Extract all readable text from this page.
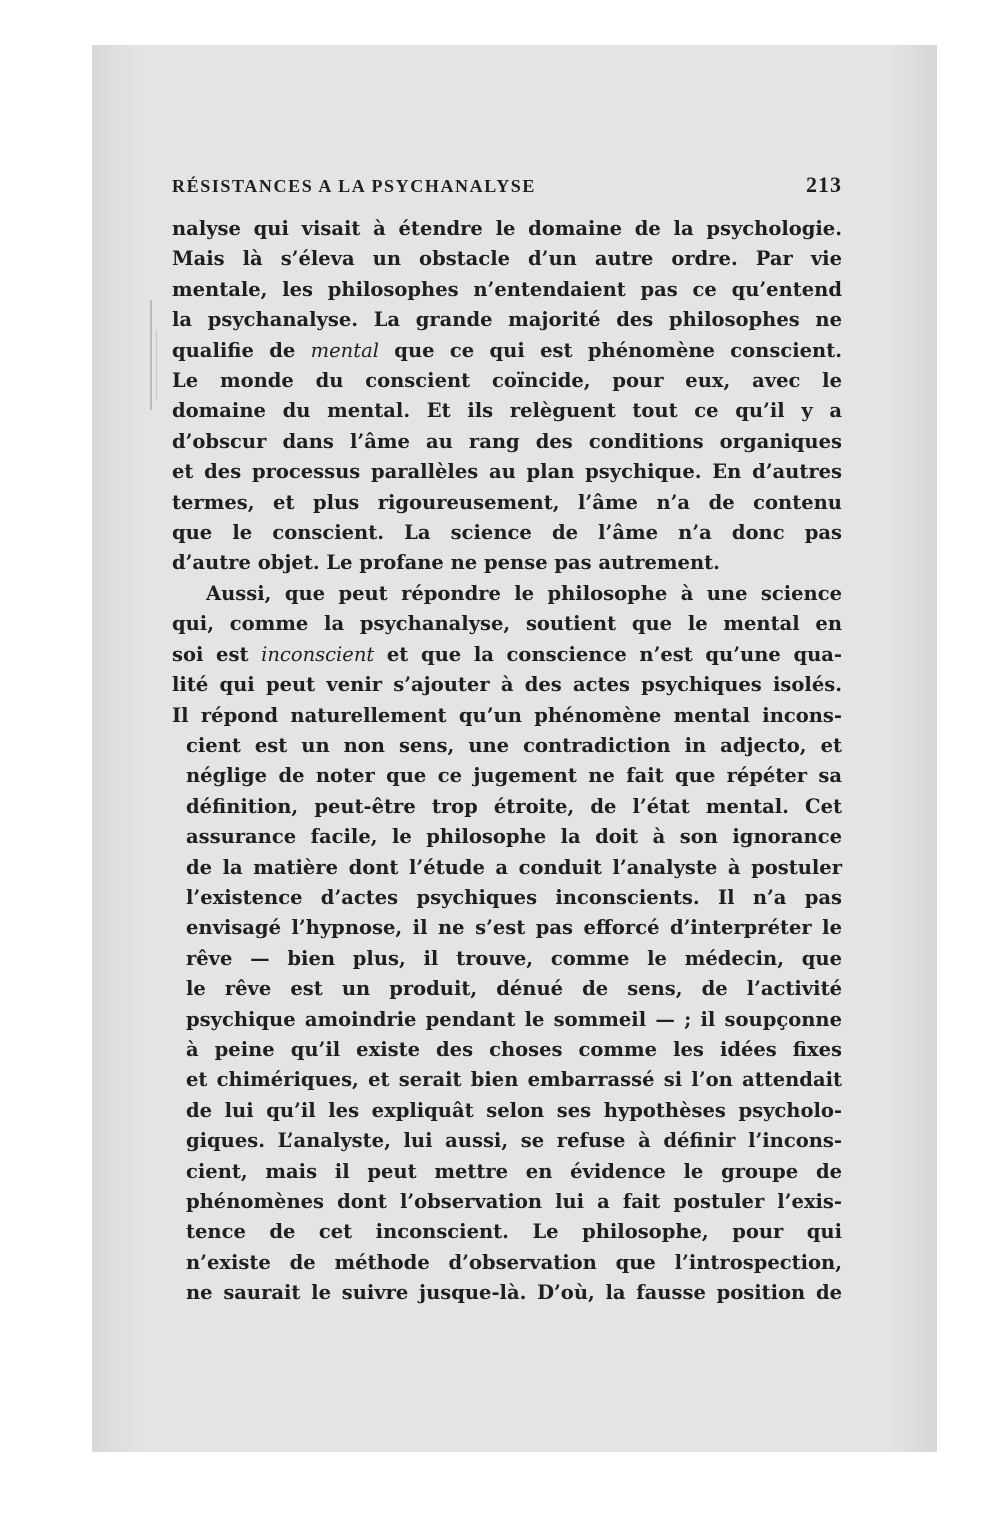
RÉSISTANCES A LA PSYCHANALYSE	213
nalyse qui visait à étendre le domaine de la psychologie.
Mais là s’éleva un obstacle d’un autre ordre. Par vie
mentale, les philosophes n’entendaient pas ce qu’entend
la psychanalyse. La grande majorité des philosophes ne
qualifie de mental que ce qui est phénomène conscient.
Le monde du conscient coïncide, pour eux, avec le
domaine du mental. Et ils relèguent tout ce qu’il y a
d’obscur dans l’âme au rang des conditions organiques
et des processus parallèles au plan psychique. En d’autres
termes, et plus rigoureusement, l’âme n’a de contenu
que le conscient. La science de l’âme n’a donc pas
d’autre objet. Le profane ne pense pas autrement.
Aussi, que peut répondre le philosophe à une science
qui, comme la psychanalyse, soutient que le mental en
soi est inconscient et que la conscience n’est qu’une qua-
lité qui peut venir s’ajouter à des actes psychiques isolés.
Il répond naturellement qu’un phénomène mental incons-
cient est un non sens, une contradiction in adjecto, et
néglige de noter que ce jugement ne fait que répéter sa
définition, peut-être trop étroite, de l’état mental. Cet
assurance facile, le philosophe la doit à son ignorance
de la matière dont l’étude a conduit l’analyste à postuler
l’existence d’actes psychiques inconscients. Il n’a pas
envisagé l’hypnose, il ne s’est pas efforcé d’interpréter le
rêve — bien plus, il trouve, comme le médecin, que
le rêve est un produit, dénué de sens, de l’activité
psychique amoindrie pendant le sommeil — ; il soupçonne
à peine qu’il existe des choses comme les idées fixes
et chimériques, et serait bien embarrassé si l’on attendait
de lui qu’il les expliquât selon ses hypothèses psycholo-
giques. L’analyste, lui aussi, se refuse à définir l’incons-
cient, mais il peut mettre en évidence le groupe de
phénomènes dont l’observation lui a fait postuler l’exis-
tence de cet inconscient. Le philosophe, pour qui
n’existe de méthode d’observation que l’introspection,
ne saurait le suivre jusque-là. D’où, la fausse position de
